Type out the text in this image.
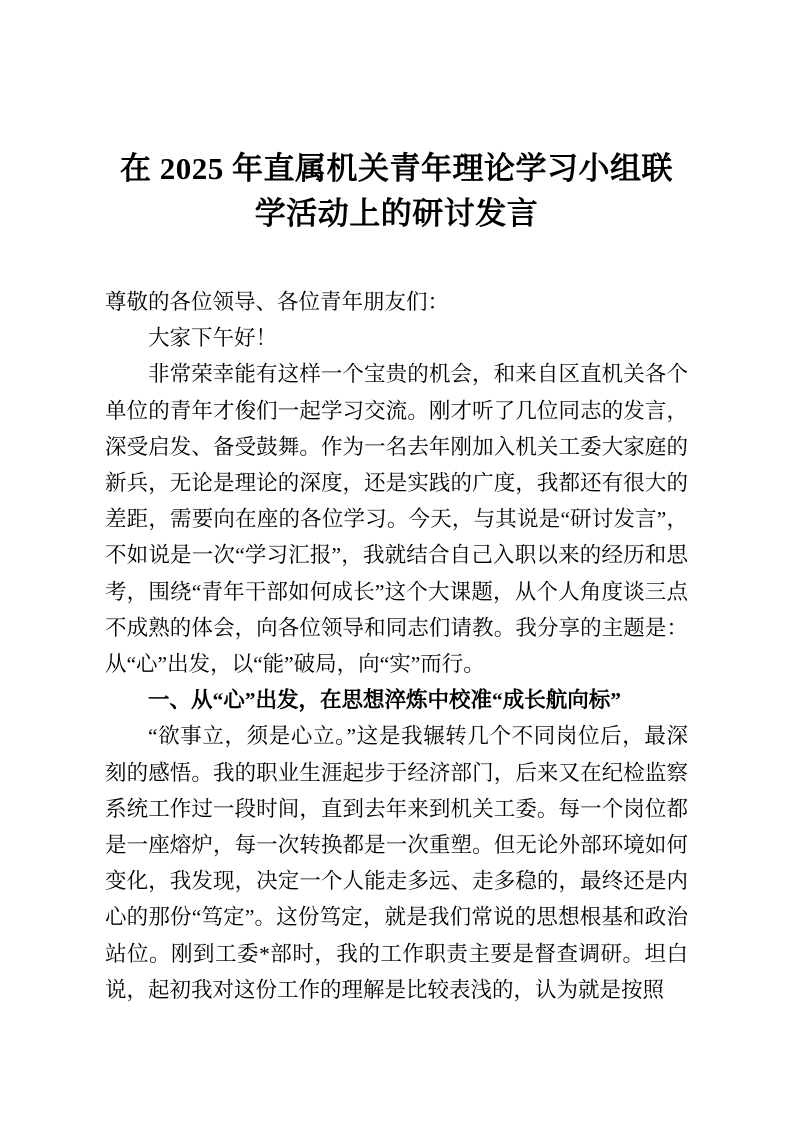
在 2025 年直属机关青年理论学习小组联
学活动上的研讨发言

尊敬的各位领导、各位青年朋友们：

大家下午好！

非常荣幸能有这样一个宝贵的机会，和来自区直机关各个单位的青年才俊们一起学习交流。刚才听了几位同志的发言，深受启发、备受鼓舞。作为一名去年刚加入机关工委大家庭的新兵，无论是理论的深度，还是实践的广度，我都还有很大的差距，需要向在座的各位学习。今天，与其说是“研讨发言”，不如说是一次“学习汇报”，我就结合自己入职以来的经历和思考，围绕“青年干部如何成长”这个大课题，从个人角度谈三点不成熟的体会，向各位领导和同志们请教。我分享的主题是：从“心”出发，以“能”破局，向“实”而行。

一、从“心”出发，在思想淬炼中校准“成长航向标”

“欲事立，须是心立。”这是我辗转几个不同岗位后，最深刻的感悟。我的职业生涯起步于经济部门，后来又在纪检监察系统工作过一段时间，直到去年来到机关工委。每一个岗位都是一座熔炉，每一次转换都是一次重塑。但无论外部环境如何变化，我发现，决定一个人能走多远、走多稳的，最终还是内心的那份“笃定”。这份笃定，就是我们常说的思想根基和政治站位。刚到工委*部时，我的工作职责主要是督查调研。坦白说，起初我对这份工作的理解是比较表浅的，认为就是按照
